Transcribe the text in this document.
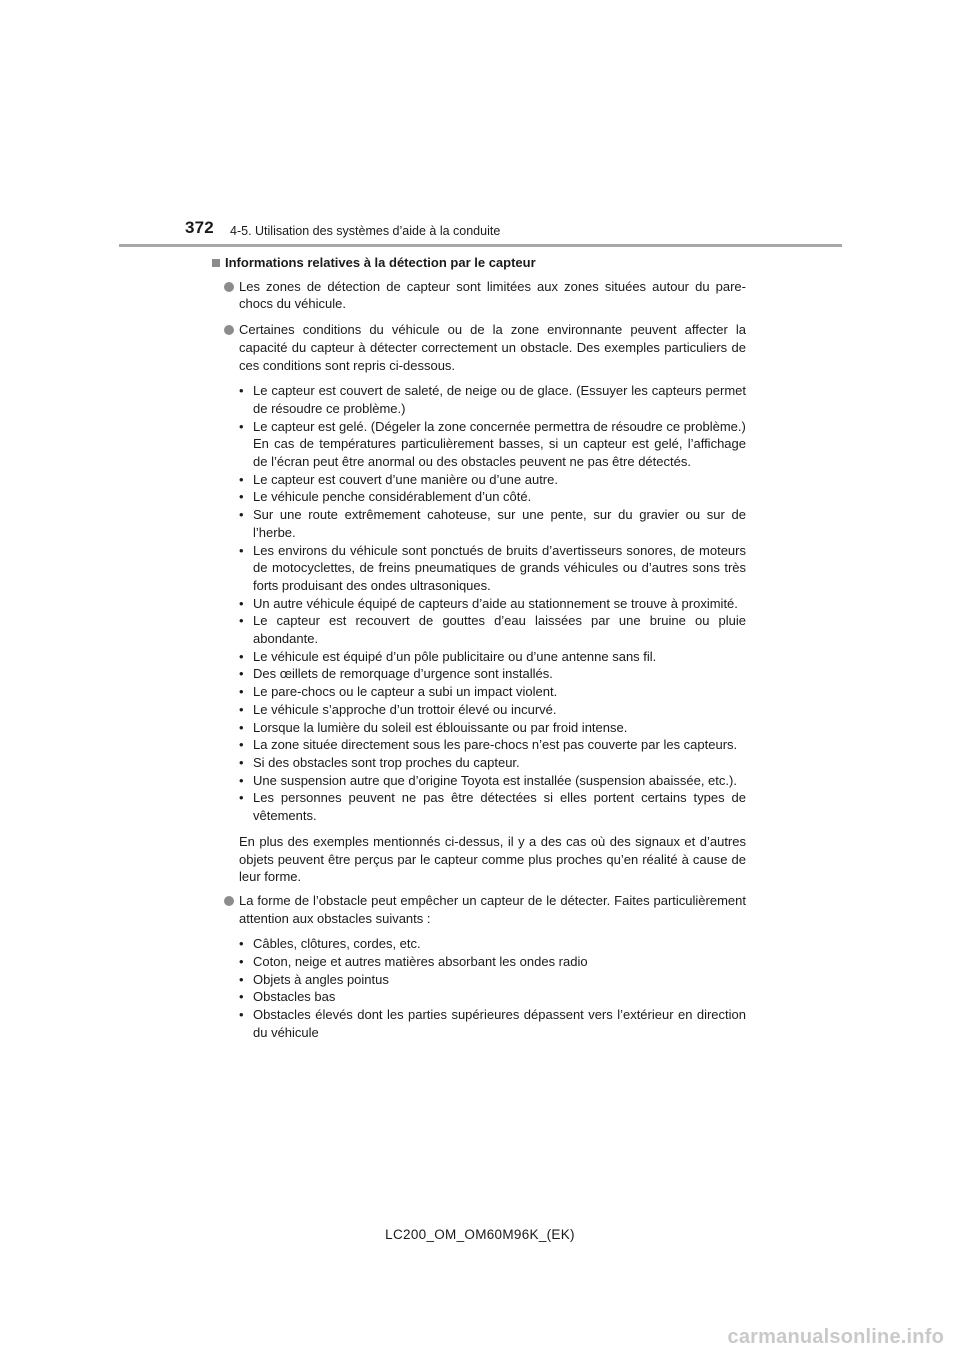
372 4-5. Utilisation des systèmes d’aide à la conduite
Informations relatives à la détection par le capteur
Les zones de détection de capteur sont limitées aux zones situées autour du pare-chocs du véhicule.
Certaines conditions du véhicule ou de la zone environnante peuvent affecter la capacité du capteur à détecter correctement un obstacle. Des exemples particuliers de ces conditions sont repris ci-dessous.
• Le capteur est couvert de saleté, de neige ou de glace. (Essuyer les capteurs permet de résoudre ce problème.)
• Le capteur est gelé. (Dégeler la zone concernée permettra de résoudre ce problème.)
En cas de températures particulièrement basses, si un capteur est gelé, l’affichage de l’écran peut être anormal ou des obstacles peuvent ne pas être détectés.
• Le capteur est couvert d’une manière ou d’une autre.
• Le véhicule penche considérablement d’un côté.
• Sur une route extrêmement cahoteuse, sur une pente, sur du gravier ou sur de l’herbe.
• Les environs du véhicule sont ponctués de bruits d’avertisseurs sonores, de moteurs de motocyclettes, de freins pneumatiques de grands véhicules ou d’autres sons très forts produisant des ondes ultrasoniques.
• Un autre véhicule équipé de capteurs d’aide au stationnement se trouve à proximité.
• Le capteur est recouvert de gouttes d’eau laissées par une bruine ou pluie abondante.
• Le véhicule est équipé d’un pôle publicitaire ou d’une antenne sans fil.
• Des œillets de remorquage d’urgence sont installés.
• Le pare-chocs ou le capteur a subi un impact violent.
• Le véhicule s’approche d’un trottoir élevé ou incurvé.
• Lorsque la lumière du soleil est éblouissante ou par froid intense.
• La zone située directement sous les pare-chocs n’est pas couverte par les capteurs.
• Si des obstacles sont trop proches du capteur.
• Une suspension autre que d’origine Toyota est installée (suspension abaissée, etc.).
• Les personnes peuvent ne pas être détectées si elles portent certains types de vêtements.
En plus des exemples mentionnés ci-dessus, il y a des cas où des signaux et d’autres objets peuvent être perçus par le capteur comme plus proches qu’en réalité à cause de leur forme.
La forme de l’obstacle peut empêcher un capteur de le détecter. Faites particulièrement attention aux obstacles suivants :
• Câbles, clôtures, cordes, etc.
• Coton, neige et autres matières absorbant les ondes radio
• Objets à angles pointus
• Obstacles bas
• Obstacles élevés dont les parties supérieures dépassent vers l’extérieur en direction du véhicule
LC200_OM_OM60M96K_(EK)
carmanualsonline.info
